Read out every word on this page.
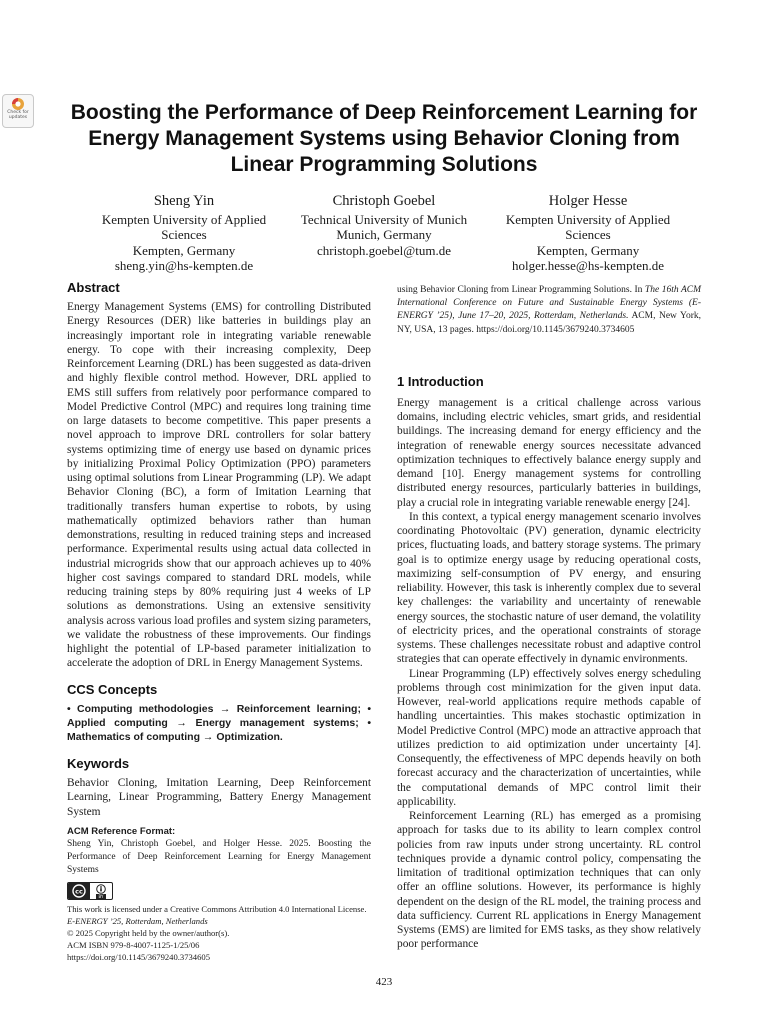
Check for
updates	Boosting the Performance of Deep Reinforcement Learning for
Energy Management Systems using Behavior Cloning from
Linear Programming Solutions
Sheng Yin
Kempten University of Applied
Sciences
Kempten, Germany
sheng.yin@hs-kempten.de
Christoph Goebel
Technical University of Munich
Munich, Germany
christoph.goebel@tum.de
Holger Hesse
Kempten University of Applied
Sciences
Kempten, Germany
holger.hesse@hs-kempten.de
Abstract

Energy Management Systems (EMS) for controlling Distributed Energy Resources (DER) like batteries in buildings play an increasingly important role in integrating variable renewable energy. To cope with their increasing complexity, Deep Reinforcement Learning (DRL) has been suggested as data-driven and highly flexible control method. However, DRL applied to EMS still suffers from relatively poor performance compared to Model Predictive Control (MPC) and requires long training time on large datasets to become competitive. This paper presents a novel approach to improve DRL controllers for solar battery systems optimizing time of energy use based on dynamic prices by initializing Proximal Policy Optimization (PPO) parameters using optimal solutions from Linear Programming (LP). We adapt Behavior Cloning (BC), a form of Imitation Learning that traditionally transfers human expertise to robots, by using mathematically optimized behaviors rather than human demonstrations, resulting in reduced training steps and increased performance. Experimental results using actual data collected in industrial microgrids show that our approach achieves up to 40% higher cost savings compared to standard DRL models, while reducing training steps by 80% requiring just 4 weeks of LP solutions as demonstrations. Using an extensive sensitivity analysis across various load profiles and system sizing parameters, we validate the robustness of these improvements. Our findings highlight the potential of LP-based parameter initialization to accelerate the adoption of DRL in Energy Management Systems.

CCS Concepts

• Computing methodologies → Reinforcement learning; • Applied computing → Energy management systems; • Mathematics of computing → Optimization.

Keywords

Behavior Cloning, Imitation Learning, Deep Reinforcement Learning, Linear Programming, Battery Energy Management System

ACM Reference Format:

Sheng Yin, Christoph Goebel, and Holger Hesse. 2025. Boosting the Performance of Deep Reinforcement Learning for Energy Management Systems

cc
BY
This work is licensed under a Creative Commons Attribution 4.0 International License.
E-ENERGY ’25, Rotterdam, Netherlands
© 2025 Copyright held by the owner/author(s).
ACM ISBN 979-8-4007-1125-1/25/06
https://doi.org/10.1145/3679240.3734605

using Behavior Cloning from Linear Programming Solutions. In The 16th ACM International Conference on Future and Sustainable Energy Systems (E-ENERGY ’25), June 17–20, 2025, Rotterdam, Netherlands. ACM, New York, NY, USA, 13 pages. https://doi.org/10.1145/3679240.3734605

1 Introduction

Energy management is a critical challenge across various domains, including electric vehicles, smart grids, and residential buildings. The increasing demand for energy efficiency and the integration of renewable energy sources necessitate advanced optimization techniques to effectively balance energy supply and demand [10]. Energy management systems for controlling distributed energy resources, particularly batteries in buildings, play a crucial role in integrating variable renewable energy [24].

In this context, a typical energy management scenario involves coordinating Photovoltaic (PV) generation, dynamic electricity prices, fluctuating loads, and battery storage systems. The primary goal is to optimize energy usage by reducing operational costs, maximizing self-consumption of PV energy, and ensuring reliability. However, this task is inherently complex due to several key challenges: the variability and uncertainty of renewable energy sources, the stochastic nature of user demand, the volatility of electricity prices, and the operational constraints of storage systems. These challenges necessitate robust and adaptive control strategies that can operate effectively in dynamic environments.

Linear Programming (LP) effectively solves energy scheduling problems through cost minimization for the given input data. However, real-world applications require methods capable of handling uncertainties. This makes stochastic optimization in Model Predictive Control (MPC) mode an attractive approach that utilizes prediction to aid optimization under uncertainty [4]. Consequently, the effectiveness of MPC depends heavily on both forecast accuracy and the characterization of uncertainties, while the computational demands of MPC control limit their applicability.

Reinforcement Learning (RL) has emerged as a promising approach for tasks due to its ability to learn complex control policies from raw inputs under strong uncertainty. RL control techniques provide a dynamic control policy, compensating the limitation of traditional optimization techniques that can only offer an offline solutions. However, its performance is highly dependent on the design of the RL model, the training process and data sufficiency. Current RL applications in Energy Management Systems (EMS) are limited for EMS tasks, as they show relatively poor performance

423
